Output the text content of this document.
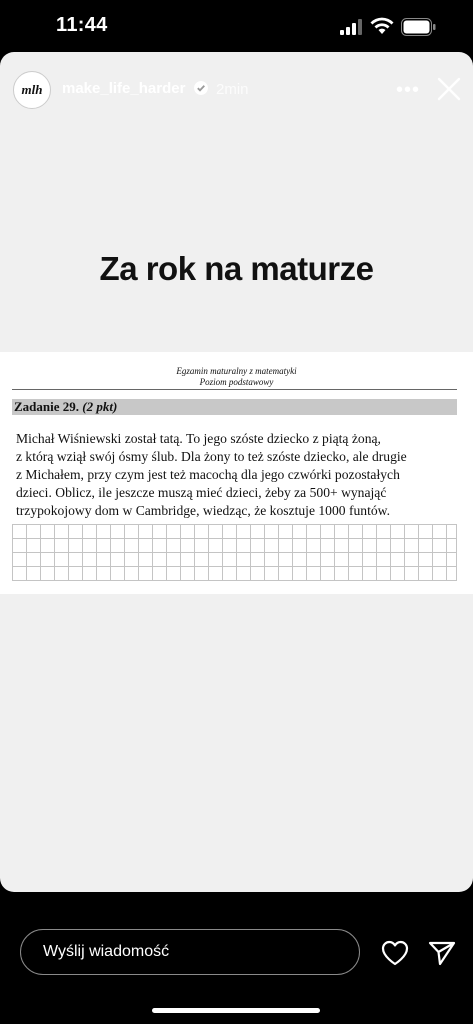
11:44
mlh	make_life_harder 2min	•••
Za rok na maturze
Egzamin maturalny z matematyki
Poziom podstawowy
Zadanie 29. (2 pkt)
Michał Wiśniewski został tatą. To jego szóste dziecko z piątą żoną,
z którą wziął swój ósmy ślub. Dla żony to też szóste dziecko, ale drugie
z Michałem, przy czym jest też macochą dla jego czwórki pozostałych
dzieci. Oblicz, ile jeszcze muszą mieć dzieci, żeby za 500+ wynająć
trzypokojowy dom w Cambridge, wiedząc, że kosztuje 1000 funtów.
Wyślij wiadomość
